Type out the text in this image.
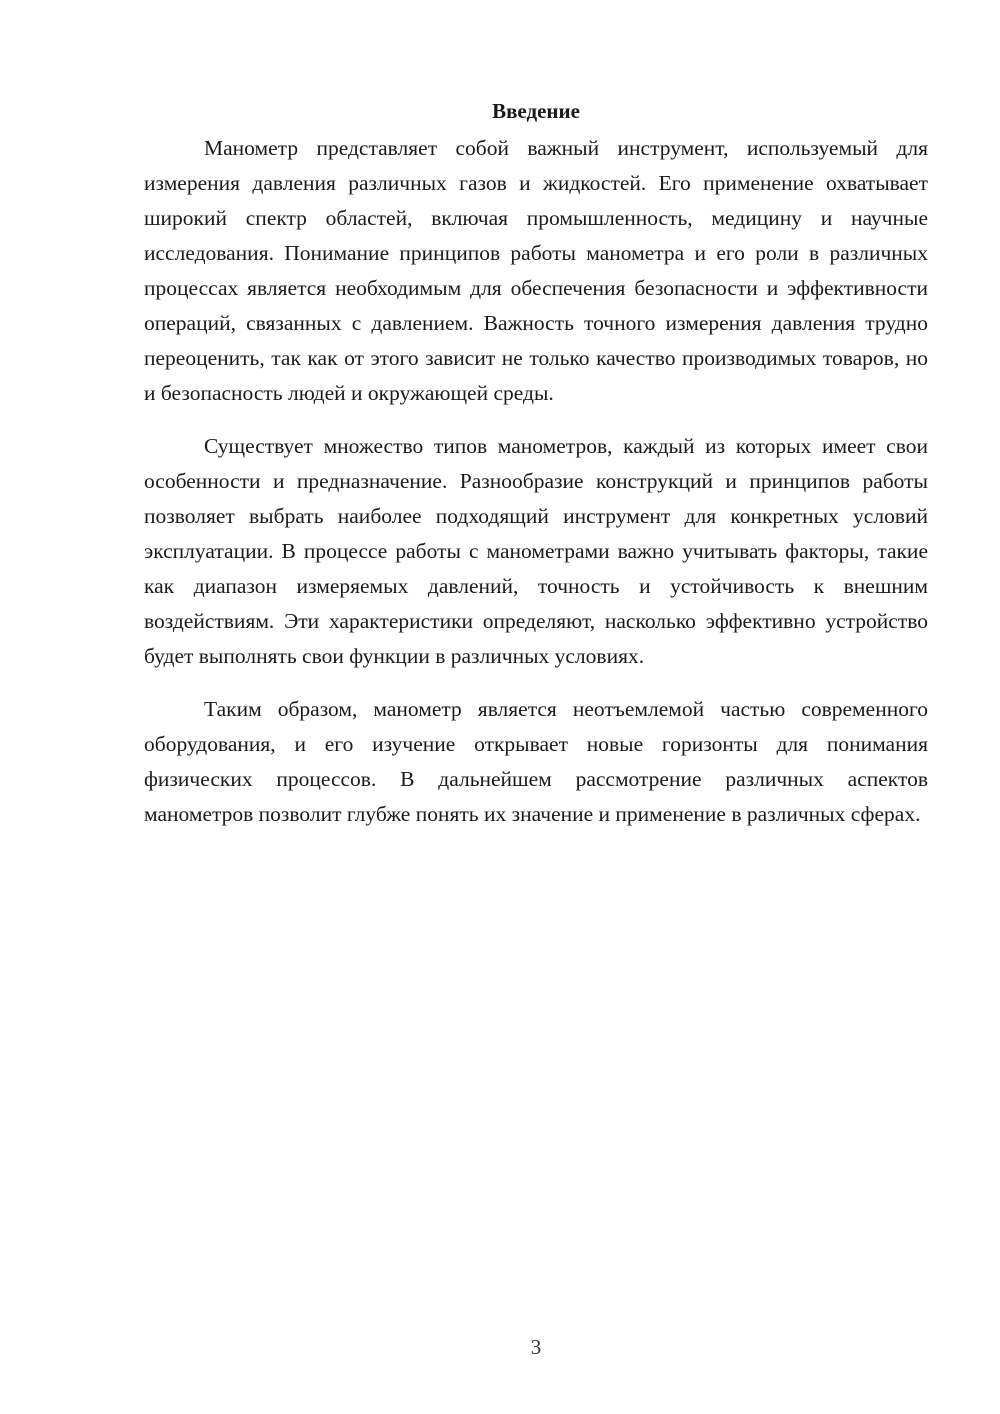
Введение

Манометр представляет собой важный инструмент, используемый для измерения давления различных газов и жидкостей. Его применение охватывает широкий спектр областей, включая промышленность, медицину и научные исследования. Понимание принципов работы манометра и его роли в различных процессах является необходимым для обеспечения безопасности и эффективности операций, связанных с давлением. Важность точного измерения давления трудно переоценить, так как от этого зависит не только качество производимых товаров, но и безопасность людей и окружающей среды.

Существует множество типов манометров, каждый из которых имеет свои особенности и предназначение. Разнообразие конструкций и принципов работы позволяет выбрать наиболее подходящий инструмент для конкретных условий эксплуатации. В процессе работы с манометрами важно учитывать факторы, такие как диапазон измеряемых давлений, точность и устойчивость к внешним воздействиям. Эти характеристики определяют, насколько эффективно устройство будет выполнять свои функции в различных условиях.

Таким образом, манометр является неотъемлемой частью современного оборудования, и его изучение открывает новые горизонты для понимания физических процессов. В дальнейшем рассмотрение различных аспектов манометров позволит глубже понять их значение и применение в различных сферах.

3
